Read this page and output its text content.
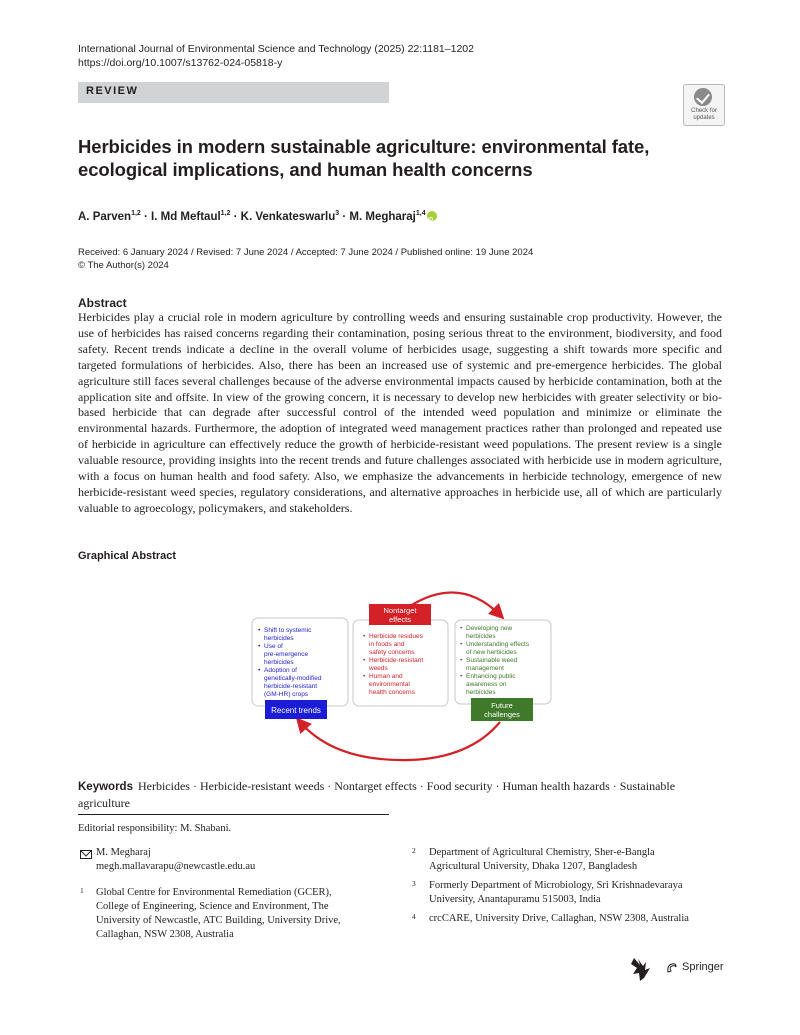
International Journal of Environmental Science and Technology (2025) 22:1181–1202
https://doi.org/10.1007/s13762-024-05818-y
REVIEW
Check for updates
Herbicides in modern sustainable agriculture: environmental fate, ecological implications, and human health concerns
A. Parven$^{1,2}$ · I. Md Meftaul$^{1,2}$ · K. Venkateswarlu$^3$ · M. Megharaj$^{1,4}$iD
Received: 6 January 2024 / Revised: 7 June 2024 / Accepted: 7 June 2024 / Published online: 19 June 2024
© The Author(s) 2024
Abstract
Herbicides play a crucial role in modern agriculture by controlling weeds and ensuring sustainable crop productivity. However, the use of herbicides has raised concerns regarding their contamination, posing serious threat to the environment, biodiversity, and food safety. Recent trends indicate a decline in the overall volume of herbicides usage, suggesting a shift towards more specific and targeted formulations of herbicides. Also, there has been an increased use of systemic and pre-emergence herbicides. The global agriculture still faces several challenges because of the adverse environmental impacts caused by herbicide contamination, both at the application site and offsite. In view of the growing concern, it is necessary to develop new herbicides with greater selectivity or bio-based herbicide that can degrade after successful control of the intended weed population and minimize or eliminate the environmental hazards. Furthermore, the adoption of integrated weed management practices rather than prolonged and repeated use of herbicide in agriculture can effectively reduce the growth of herbicide-resistant weed populations. The present review is a single valuable resource, providing insights into the recent trends and future challenges associated with herbicide use in modern agriculture, with a focus on human health and food safety. Also, we emphasize the advancements in herbicide technology, emergence of new herbicide-resistant weed species, regulatory considerations, and alternative approaches in herbicide use, all of which are particularly valuable to agroecology, policymakers, and stakeholders.
Graphical Abstract
• Shift to systemic
herbicides
• Use of
pre-emergence
herbicides
• Adoption of
genetically-modified
herbicide-resistant
(GM-HR) crops
Recent trends
Nontarget
effects
• Herbicide residues
in foods and
safety concerns
• Herbicide-resistant
weeds
• Human and
environmental
health concerns
• Developing new
herbicides
• Understanding effects
of new herbicides
• Sustainable weed
management
• Enhancing public
awareness on
herbicides
Future
challenges
Keywords Herbicides · Herbicide-resistant weeds · Nontarget effects · Food security · Human health hazards · Sustainable agriculture
Editorial responsibility: M. Shabani.
M. Megharaj
megh.mallavarapu@newcastle.edu.au
1 Global Centre for Environmental Remediation (GCER), College of Engineering, Science and Environment, The University of Newcastle, ATC Building, University Drive, Callaghan, NSW 2308, Australia
2 Department of Agricultural Chemistry, Sher-e-Bangla Agricultural University, Dhaka 1207, Bangladesh
3 Formerly Department of Microbiology, Sri Krishnadevaraya University, Anantapuramu 515003, India
4 crcCARE, University Drive, Callaghan, NSW 2308, Australia
Springer
